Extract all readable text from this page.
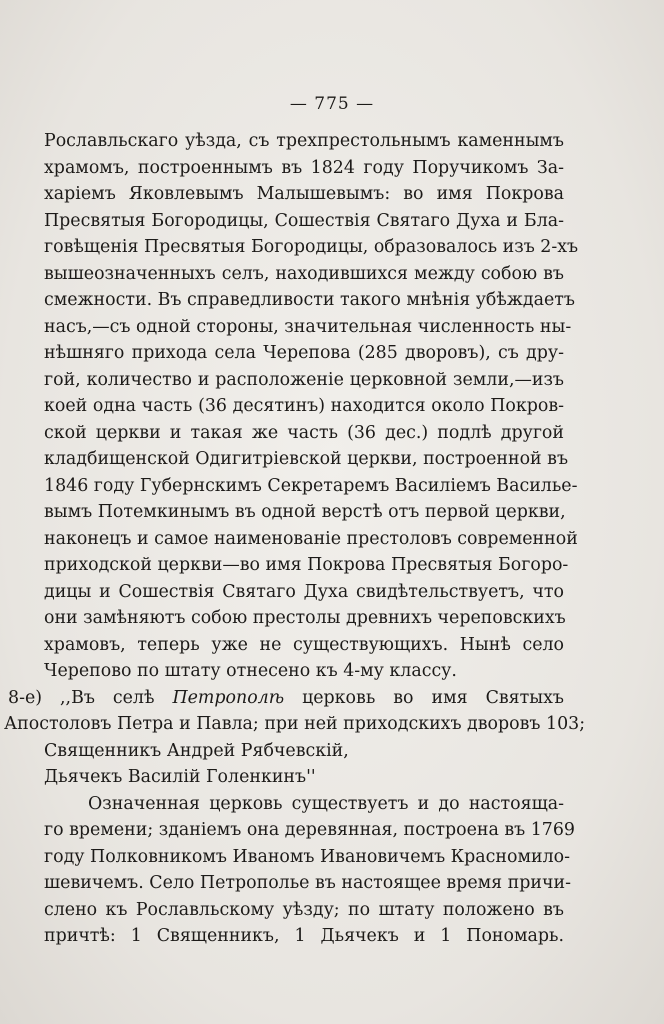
— 775 —
Рославльскаго уѣзда, съ трехпрестольнымъ каменнымъ
храмомъ, построеннымъ въ 1824 году Поручикомъ За-
харіемъ Яковлевымъ Малышевымъ: во имя Покрова
Пресвятыя Богородицы, Сошествія Святаго Духа и Бла-
говѣщенія Пресвятыя Богородицы, образовалось изъ 2-хъ
вышеозначенныхъ селъ, находившихся между собою въ
смежности. Въ справедливости такого мнѣнія убѣждаетъ
насъ,—съ одной стороны, значительная численность ны-
нѣшняго прихода села Черепова (285 дворовъ), съ дру-
гой, количество и расположеніе церковной земли,—изъ
коей одна часть (36 десятинъ) находится около Покров-
ской церкви и такая же часть (36 дес.) подлѣ другой
кладбищенской Одигитріевской церкви, построенной въ
1846 году Губернскимъ Секретаремъ Василіемъ Василье-
вымъ Потемкинымъ въ одной верстѣ отъ первой церкви,
наконецъ и самое наименованіе престоловъ современной
приходской церкви—во имя Покрова Пресвятыя Богоро-
дицы и Сошествія Святаго Духа свидѣтельствуетъ, что
они замѣняютъ собою престолы древнихъ череповскихъ
храмовъ, теперь уже не существующихъ. Нынѣ село
Черепово по штату отнесено къ 4-му классу.
8-е) ,,Въ селѣ Петрополѣ церковь во имя Святыхъ
Апостоловъ Петра и Павла; при ней приходскихъ дворовъ 103;
Священникъ Андрей Рябчевскій,
Дьячекъ Василій Голенкинъ''
Означенная церковь существуетъ и до настояща-
го времени; зданіемъ она деревянная, построена въ 1769
году Полковникомъ Иваномъ Ивановичемъ Красномило-
шевичемъ. Село Петрополье въ настоящее время причи-
слено къ Рославльскому уѣзду; по штату положено въ
причтѣ: 1 Священникъ, 1 Дьячекъ и 1 Пономарь.
